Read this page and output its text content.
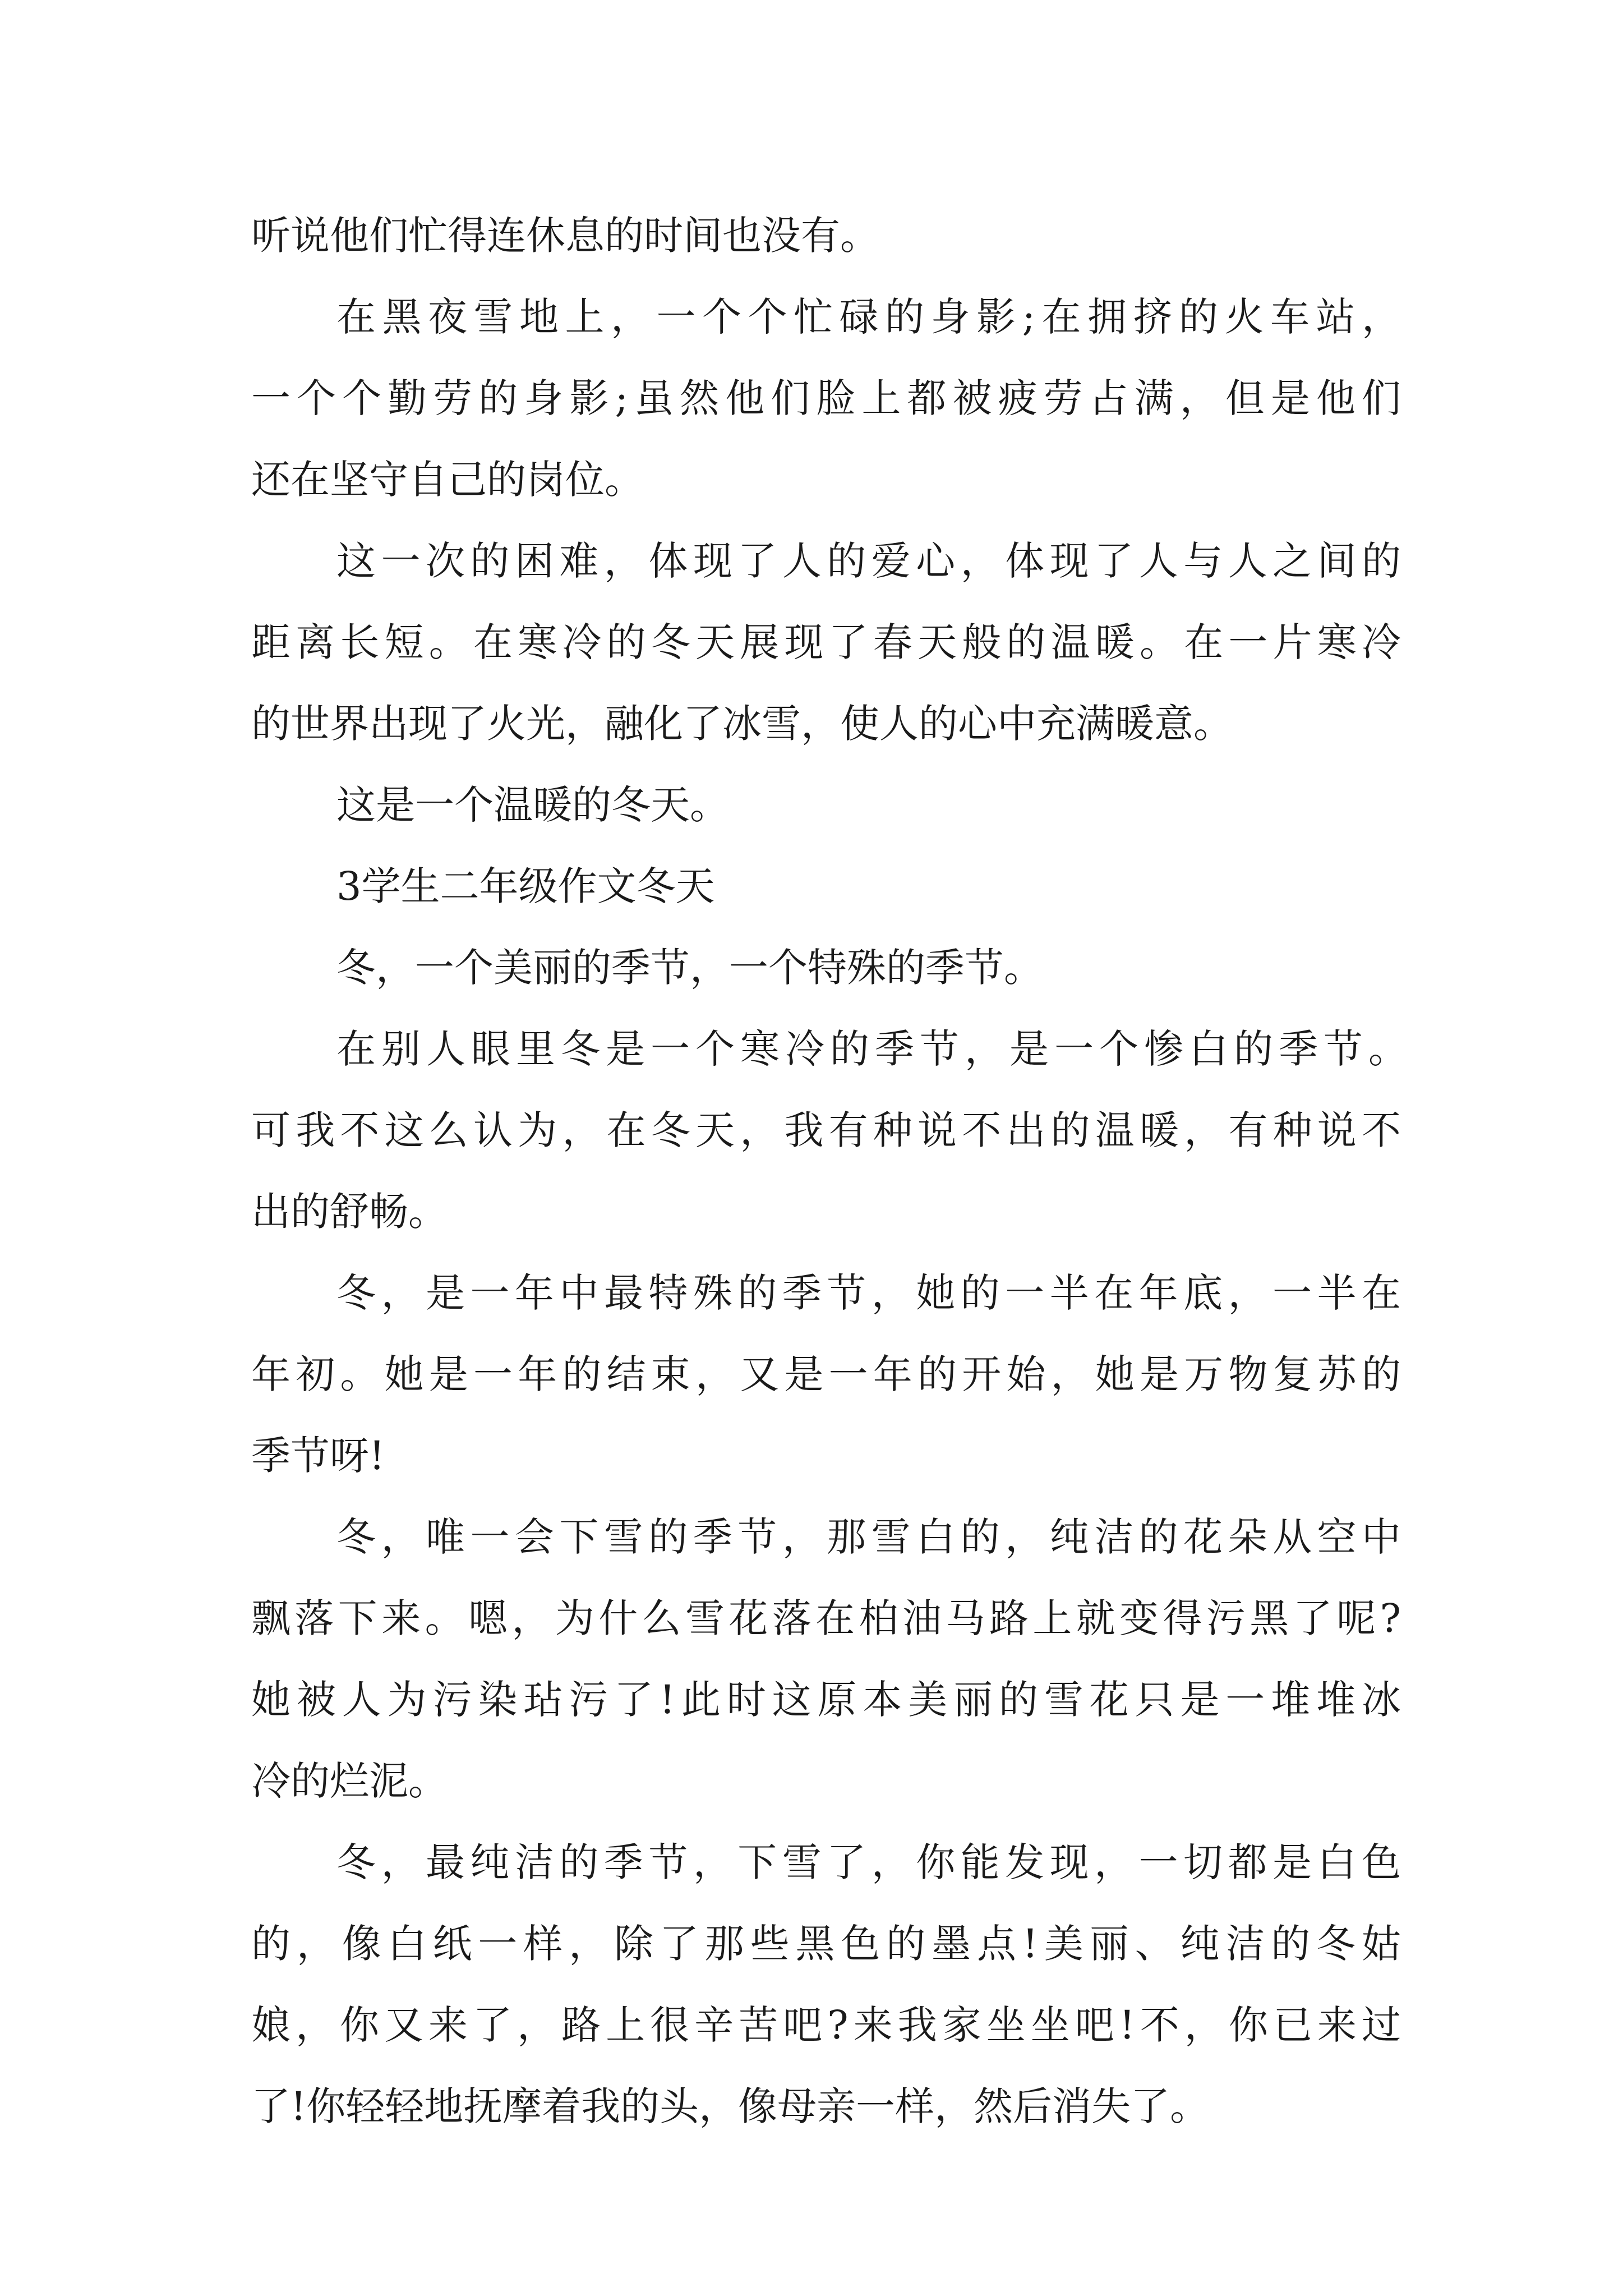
听说他们忙得连休息的时间也没有。
在黑夜雪地上，一个个忙碌的身影;在拥挤的火车站，
一个个勤劳的身影;虽然他们脸上都被疲劳占满，但是他们
还在坚守自己的岗位。
这一次的困难，体现了人的爱心，体现了人与人之间的
距离长短。在寒冷的冬天展现了春天般的温暖。在一片寒冷
的世界出现了火光，融化了冰雪，使人的心中充满暖意。
这是一个温暖的冬天。
3学生二年级作文冬天
冬，一个美丽的季节，一个特殊的季节。
在别人眼里冬是一个寒冷的季节，是一个惨白的季节。
可我不这么认为，在冬天，我有种说不出的温暖，有种说不
出的舒畅。
冬，是一年中最特殊的季节，她的一半在年底，一半在
年初。她是一年的结束，又是一年的开始，她是万物复苏的
季节呀!
冬，唯一会下雪的季节，那雪白的，纯洁的花朵从空中
飘落下来。嗯，为什么雪花落在柏油马路上就变得污黑了呢?
她被人为污染玷污了!此时这原本美丽的雪花只是一堆堆冰
冷的烂泥。
冬，最纯洁的季节，下雪了，你能发现，一切都是白色
的，像白纸一样，除了那些黑色的墨点!美丽、纯洁的冬姑
娘，你又来了，路上很辛苦吧?来我家坐坐吧!不，你已来过
了!你轻轻地抚摩着我的头，像母亲一样，然后消失了。
